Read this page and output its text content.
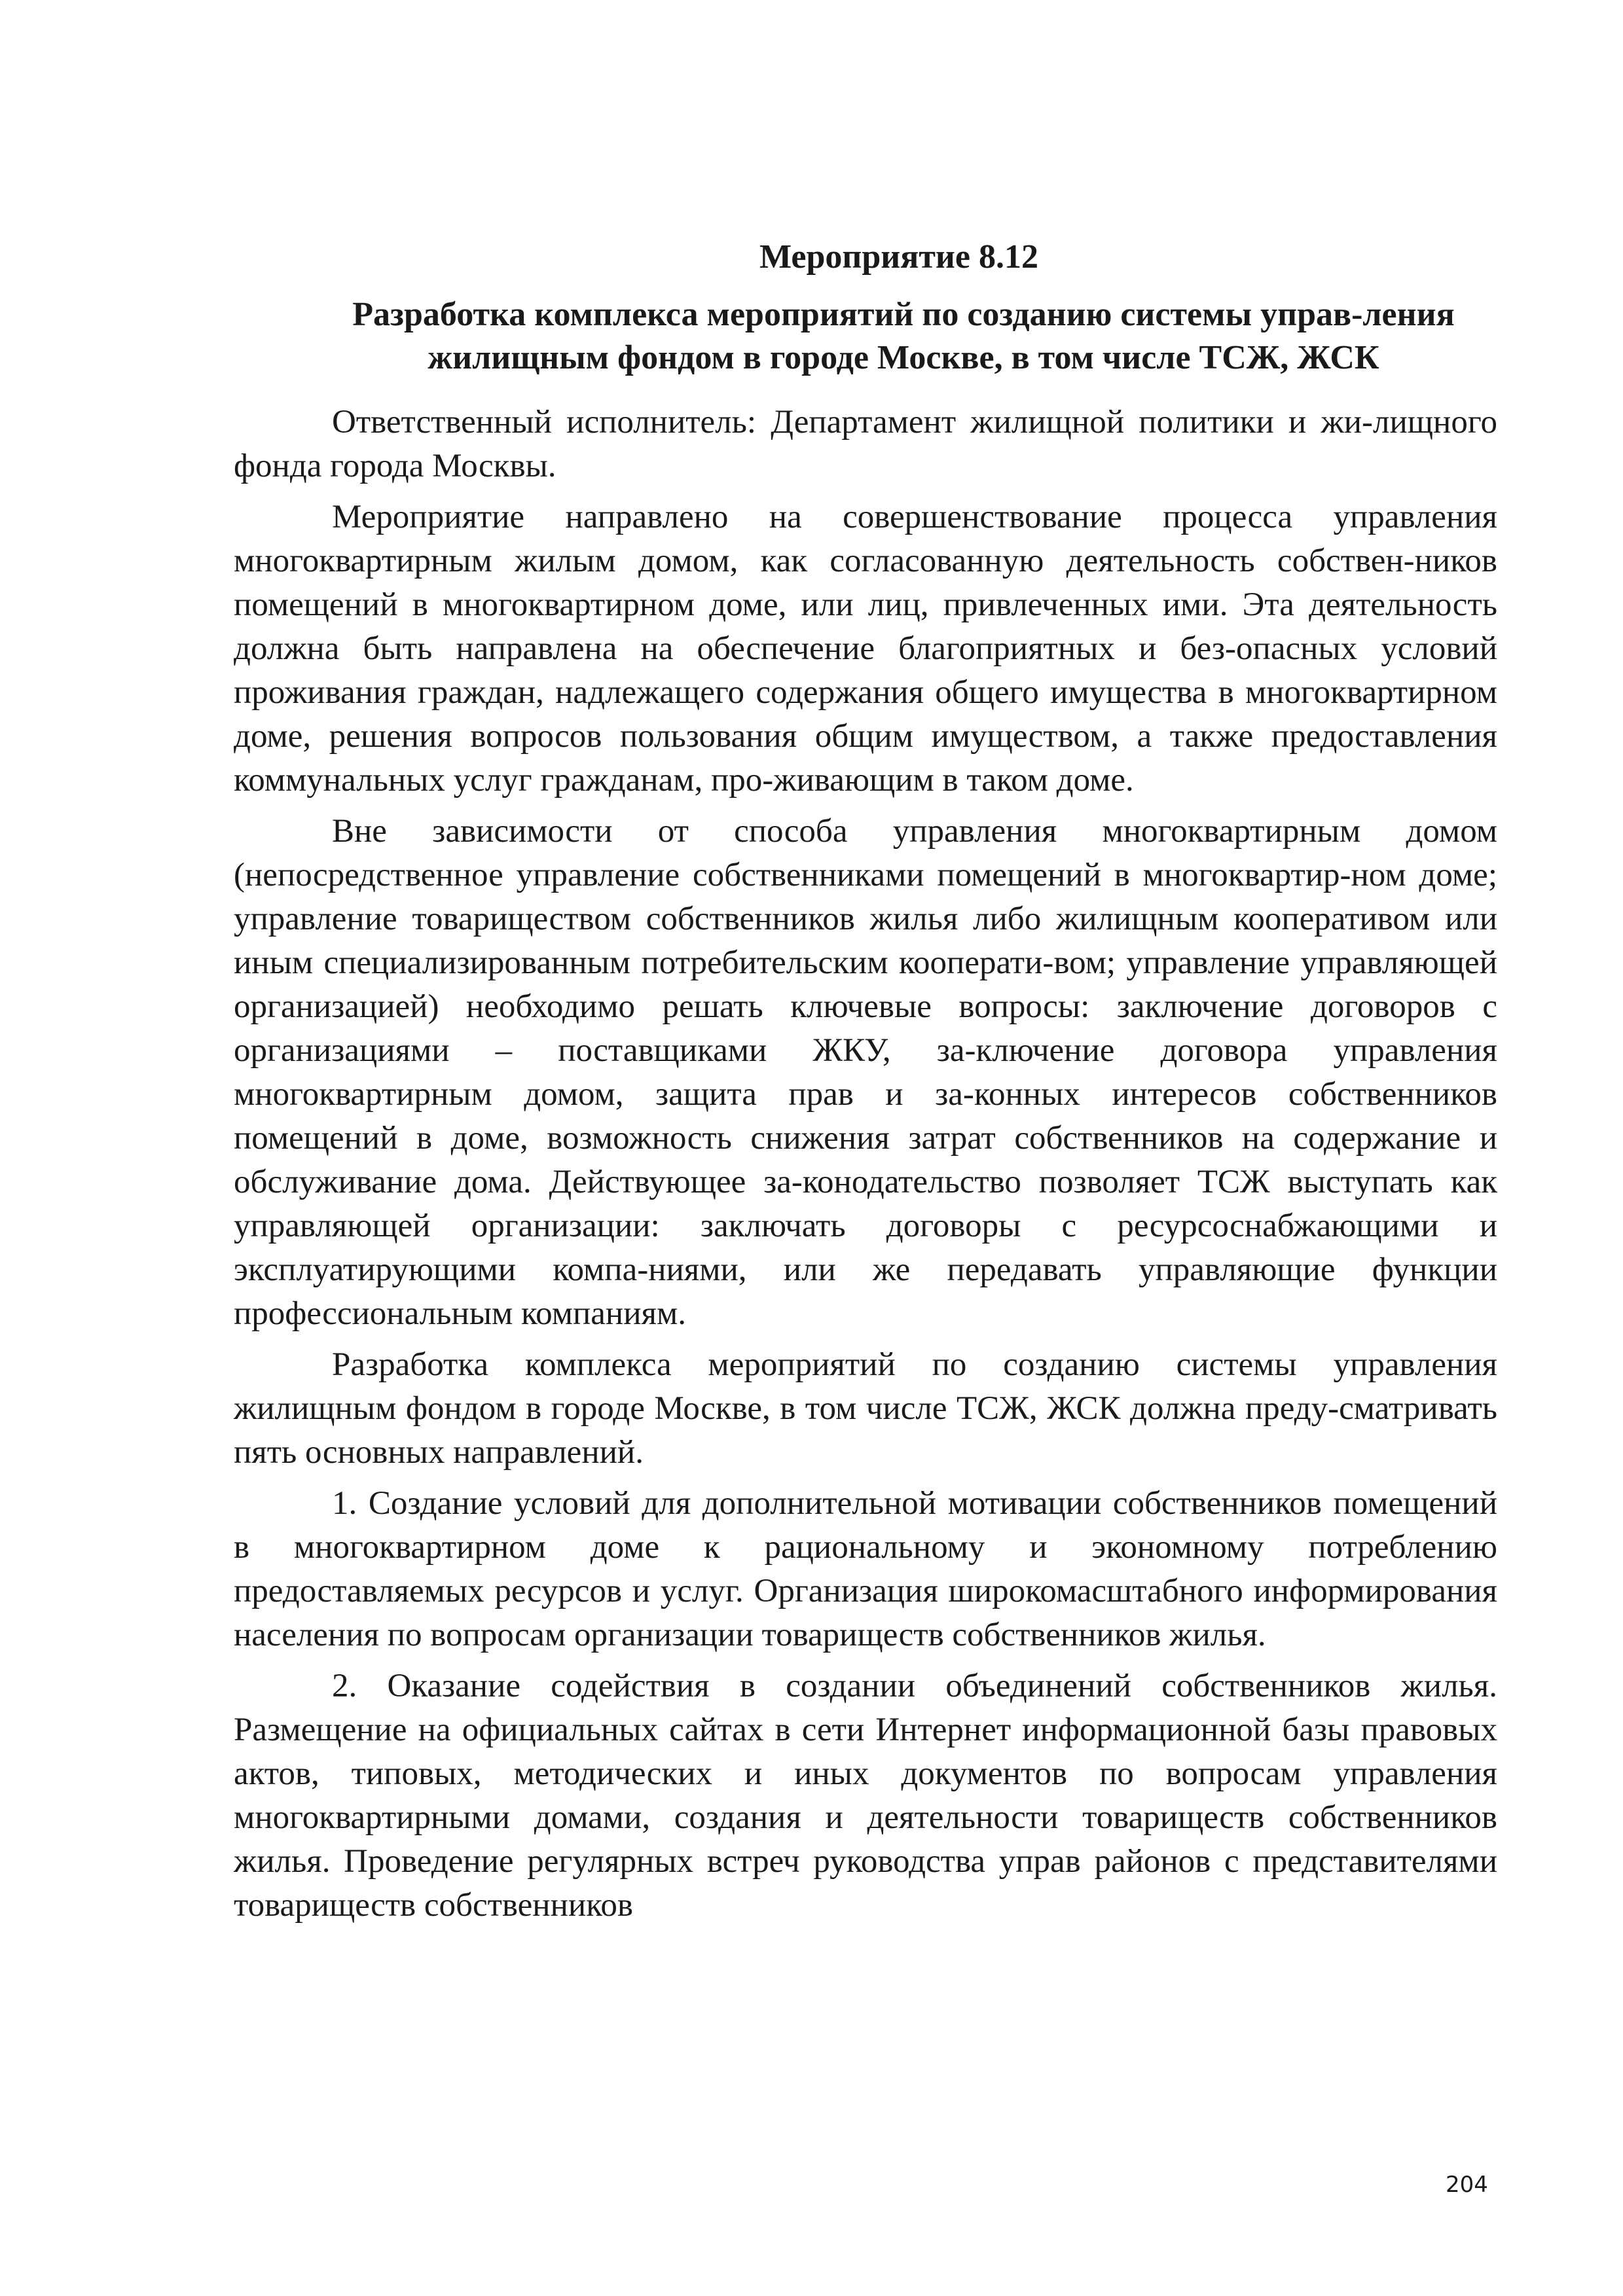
Мероприятие 8.12
Разработка комплекса мероприятий по созданию системы управ-ления жилищным фондом в городе Москве, в том числе ТСЖ, ЖСК

Ответственный исполнитель: Департамент жилищной политики и жи-лищного фонда города Москвы.

Мероприятие направлено на совершенствование процесса управления многоквартирным жилым домом, как согласованную деятельность собствен-ников помещений в многоквартирном доме, или лиц, привлеченных ими. Эта деятельность должна быть направлена на обеспечение благоприятных и без-опасных условий проживания граждан, надлежащего содержания общего имущества в многоквартирном доме, решения вопросов пользования общим имуществом, а также предоставления коммунальных услуг гражданам, про-живающим в таком доме.

Вне зависимости от способа управления многоквартирным домом (непосредственное управление собственниками помещений в многоквартир-ном доме; управление товариществом собственников жилья либо жилищным кооперативом или иным специализированным потребительским кооперати-вом; управление управляющей организацией) необходимо решать ключевые вопросы: заключение договоров с организациями – поставщиками ЖКУ, за-ключение договора управления многоквартирным домом, защита прав и за-конных интересов собственников помещений в доме, возможность снижения затрат собственников на содержание и обслуживание дома. Действующее за-конодательство позволяет ТСЖ выступать как управляющей организации: заключать договоры с ресурсоснабжающими и эксплуатирующими компа-ниями, или же передавать управляющие функции профессиональным компаниям.

Разработка комплекса мероприятий по созданию системы управления жилищным фондом в городе Москве, в том числе ТСЖ, ЖСК должна преду-сматривать пять основных направлений.

1. Создание условий для дополнительной мотивации собственников помещений в многоквартирном доме к рациональному и экономному потреблению предоставляемых ресурсов и услуг. Организация широкомасштабного информирования населения по вопросам организации товариществ собственников жилья.

2. Оказание содействия в создании объединений собственников жилья. Размещение на официальных сайтах в сети Интернет информационной базы правовых актов, типовых, методических и иных документов по вопросам управления многоквартирными домами, создания и деятельности товариществ собственников жилья. Проведение регулярных встреч руководства управ районов с представителями товариществ собственников

204
